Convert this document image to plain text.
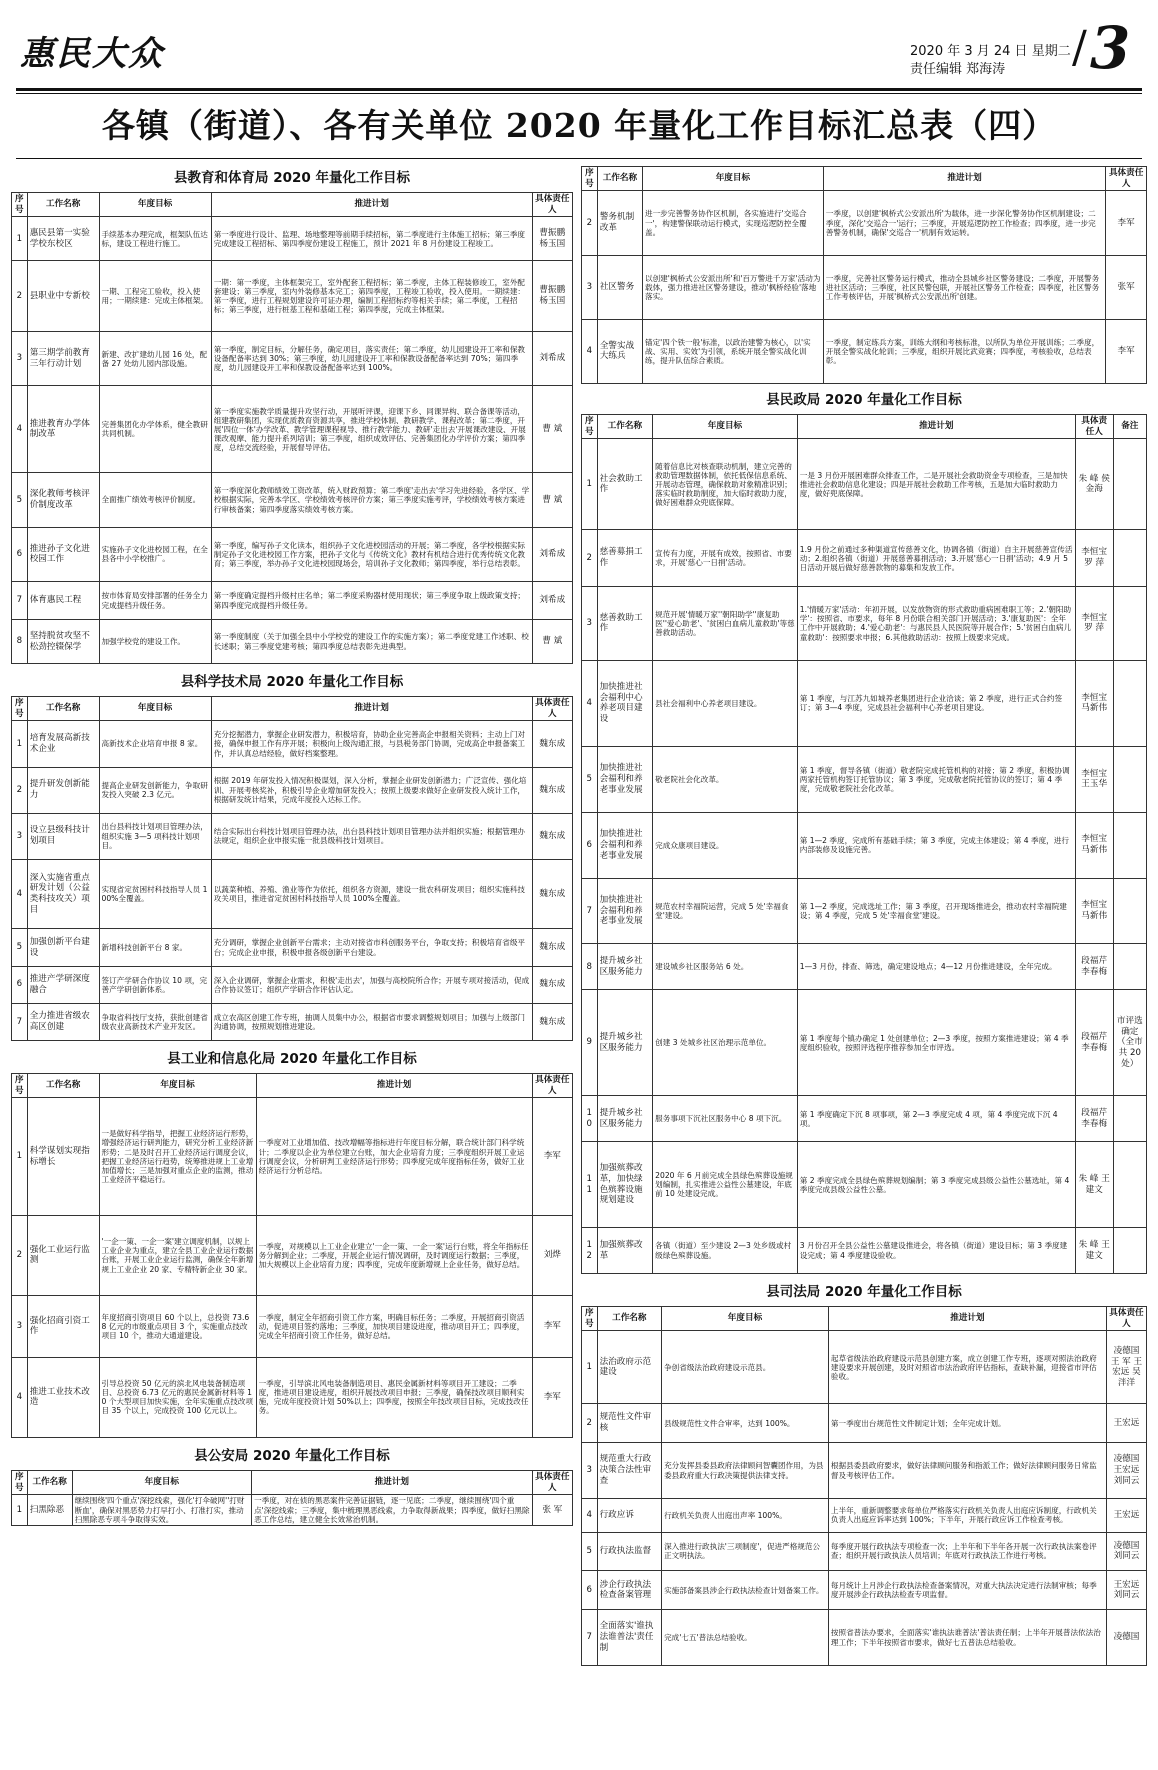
惠民大众	2020 年 3 月 24 日 星期二
责任编辑 郑海涛 / 3
各镇（街道）、各有关单位 2020 年量化工作目标汇总表（四）
县教育和体育局 2020 年量化工作目标
序号	工作名称	年度目标	推进计划	具体责任人
1	惠民县第一实验学校东校区	手续基本办理完成，框架队伍达标，建设工程进行施工。	第一季度进行设计、监理、场地整理等前期手续招标，第二季度进行主体施工招标；第三季度完成建设工程招标、第四季度份建设工程施工，预计 2021 年 8 月份建设工程竣工。	曹振鹏 杨玉国
2	县职业中专新校	一期、工程完工验收，投入使用；一期续建：完成主体框架。	一期：第一季度，主体框架完工，室外配套工程招标；第二季度，主体工程装修竣工，室外配套建设；第三季度，室内外装修基本完工；第四季度，工程竣工验收，投入使用。一期续建：第一季度，进行工程规划建设许可证办理，编制工程招标约等相关手续；第二季度，工程招标；第三季度，进行桩基工程和基础工程；第四季度，完成主体框架。	曹振鹏 杨玉国
3	第三期学前教育三年行动计划	新建、改扩建幼儿园 16 处，配备 27 处幼儿园内部设施。	第一季度，制定目标，分解任务，确定项目，落实责任；第二季度，幼儿园建设开工率和保教设备配备率达到 30%；第三季度，幼儿园建设开工率和保教设备配备率达到 70%；第四季度，幼儿园建设开工率和保教设备配备率达到 100%。	刘希成
4	推进教育办学体制改革	完善集团化办学体系，健全教研共同机制。	第一季度实施教学质量提升攻坚行动，开展听评课，迎课下乡、同课异构、联合备课等活动，组建教研集团，实现优质教育资源共享，推进学校体制、教研教学、课程改革；第二季度，开展'四位一体'办学改革、教学管理课程视导、推行教学能力、教研'走出去'开展课改建设、开展课改观摩、能力提升系列培训；第三季度，组织成效评估、完善集团化办学评价方案；第四季度，总结交流经验，开展督导评估。	曹 斌
5	深化教师考核评价制度改革	全面推广绩效考核评价制度。	第一季度深化教师绩效工资改革，统入财政预算；第二季度'走出去'学习先进经验，各学区、学校根据实际，完善本学区、学校绩效考核评价方案；第三季度实施考评，学校绩效考核方案进行审核备案；第四季度落实绩效考核方案。	曹 斌
6	推进孙子文化进校园工作	实施孙子文化进校园工程，在全县各中小学校推广。	第一季度，编写孙子文化读本，组织孙子文化进校园活动的开展；第二季度，各学校根据实际制定孙子文化进校园工作方案，把孙子文化与《传统文化》教材有机结合进行优秀传统文化教育；第三季度，举办孙子文化进校园现场会，培训孙子文化教师；第四季度，举行总结表彰。	刘希成
7	体育惠民工程	按市体育局安排部署的任务全力完成提档升级任务。	第一季度确定提档升级村庄名单；第二季度采购器材使用现状；第三季度争取上级政策支持；第四季度完成提档升级任务。	刘希成
8	坚持脱贫攻坚不松劲控辍保学	加强学校党的建设工作。	第一季度制度（关于加强全县中小学校党的建设工作的实施方案）；第二季度党建工作述职、校长述职；第三季度党建考核；第四季度总结表彰先进典型。	曹 斌
县科学技术局 2020 年量化工作目标
序号	工作名称	年度目标	推进计划	具体责任人
1	培育发展高新技术企业	高新技术企业培育申报 8 家。	充分挖掘潜力，掌握企业研发潜力，积极培育，协助企业完善高企申报相关资料；主动上门对接，确保申报工作有序开展；积极向上级沟通汇报，与县税务部门协调，完成高企申报备案工作，并认真总结经验，做好档案整理。	魏东成
2	提升研发创新能力	提高企业研发创新能力，争取研发投入突破 2.3 亿元。	根据 2019 年研发投入情况积极谋划，深入分析，掌握企业研发创新潜力；广泛宣传、强化培训、开展考核奖补，积极引导企业增加研发投入；按照上级要求做好企业研发投入统计工作，根据研发统计结果，完成年度投入达标工作。	魏东成
3	设立县级科技计划项目	出台县科技计划项目管理办法，组织实施 3—5 项科技计划项目。	结合实际出台科技计划项目管理办法，出台县科技计划项目管理办法并组织实施；根据管理办法规定，组织企业申报实施一批县级科技计划项目。	魏东成
4	深入实施省重点研发计划（公益类科技攻关）项目	实现省定贫困村科技指导人员 100%全覆盖。	以蔬菜种植、养殖、渔业等作为依托，组织各方资源，建设一批农科研发项目；组织实施科技攻关项目，推进省定贫困村科技指导人员 100%全覆盖。	魏东成
5	加强创新平台建设	新增科技创新平台 8 家。	充分调研，掌握企业创新平台需求；主动对接省市科创服务平台，争取支持；积极培育省级平台；完成企业申报，积极申报各级创新平台建设。	魏东成
6	推进产学研深度融合	签订产学研合作协议 10 项，完善产学研创新体系。	深入企业调研，掌握企业需求，积极'走出去'，加强与高校院所合作；开展专项对接活动，促成合作协议签订；组织产学研合作评估认定。	魏东成
7	全力推进省级农高区创建	争取省科技厅支持，获批创建省级农业高新技术产业开发区。	成立农高区创建工作专班，抽调人员集中办公，根据省市要求调整规划项目；加强与上级部门沟通协调，按照规划推进建设。	魏东成
县工业和信息化局 2020 年量化工作目标
序号	工作名称	年度目标	推进计划	具体责任人
1	科学谋划实现指标增长	一是做好科学指导，把握工业经济运行形势，增强经济运行研判能力，研究分析工业经济新形势；二是及时召开工业经济运行调度会议，把握工业经济运行趋势，统筹推进规上工业增加值增长；三是加强对重点企业的监测，推动工业经济平稳运行。	一季度对工业增加值、技改增幅等指标进行年度目标分解，联合统计部门科学统计；二季度以企业为单位建立台账，加大企业培育力度；三季度组织开展工业运行调度会议，分析研判工业经济运行形势；四季度完成年度指标任务，做好工业经济运行分析总结。	李军
2	强化工业运行监测	'一企一策、一企一案'建立调度机制，以规上工业企业为重点，建立全县工业企业运行数据台账，开展工业企业运行监测，确保全年新增规上工业企业 20 家、专精特新企业 30 家。	一季度，对规模以上工业企业建立'一企一策、一企一案'运行台账，将全年指标任务分解到企业；二季度，开展企业运行情况调研，及时调度运行数据；三季度，加大规模以上企业培育力度；四季度，完成年度新增规上企业任务，做好总结。	刘烨
3	强化招商引资工作	年度招商引资项目 60 个以上，总投资 73.68 亿元的市级重点项目 3 个，实施重点技改项目 10 个，推动大通道建设。	一季度，制定全年招商引资工作方案，明确目标任务；二季度，开展招商引资活动，促进项目签约落地；三季度，加快项目建设进度，推动项目开工；四季度，完成全年招商引资工作任务，做好总结。	李军
4	推进工业技术改造	引导总投资 50 亿元的滨北风电装备制造项目、总投资 6.73 亿元的惠民金属新材料等 10 个大型项目加快实施，全年实施重点技改项目 35 个以上，完成投资 100 亿元以上。	一季度，引导滨北风电装备制造项目、惠民金属新材料等项目开工建设；二季度，推进项目建设进度，组织开展技改项目申报；三季度，确保技改项目顺利实施，完成年度投资计划 50%以上；四季度，按照全年技改项目目标，完成技改任务。	李军
县公安局 2020 年量化工作目标
序号	工作名称	年度目标	推进计划	具体责任人
1	扫黑除恶	继续围绕'四个重点'深挖线索，强化'打伞破网''打财断血'，确保对黑恶势力打早打小、打准打实，推动扫黑除恶专项斗争取得实效。	一季度，对在侦的黑恶案件完善证据链，逐一见底；二季度，继续围绕'四个重点'深挖线索；三季度，集中梳理黑恶线索，力争取得新战果；四季度，做好扫黑除恶工作总结，建立健全长效常治机制。	张 军
序号	工作名称	年度目标	推进计划	具体责任人
2	警务机制改革	进一步完善警务协作区机制，各实施进行'交巡合一'，构建警保联动运行模式，实现巡逻防控全覆盖。	一季度，以创建'枫桥式公安派出所'为载体，进一步深化警务协作区机制建设；二季度，深化'交巡合一'运行；三季度，开展巡逻防控工作检查；四季度，进一步完善警务机制，确保'交巡合一'机制有效运转。	李军
3	社区警务	以创建'枫桥式公安派出所'和'百万警进千万家'活动为载体，强力推进社区警务建设，推动'枫桥经验'落地落实。	一季度，完善社区警务运行模式，推动全县城乡社区警务建设；二季度，开展警务进社区活动；三季度，社区民警包联，开展社区警务工作检查；四季度，社区警务工作考核评估，开展'枫桥式公安派出所'创建。	张军
4	全警实战大练兵	锚定'四个铁一般'标准，以政治建警为核心，以'实战、实用、实效'为引领，系统开展全警实战化训练，提升队伍综合素质。	一季度，制定练兵方案，训练大纲和考核标准，以所队为单位开展训练；二季度，开展全警实战化轮训；三季度，组织开展比武竞赛；四季度，考核验收，总结表彰。	李军
县民政局 2020 年量化工作目标
序号	工作名称	年度目标	推进计划	具体责任人	备注
1	社会救助工作	随着信息比对核查联动机制，建立完善的救助管理数据体制，依托低保信息系统、开展动态管理，确保救助对象精准识别；落实临时救助制度，加大临时救助力度，做好困难群众兜底保障。	一是 3 月份开展困难群众排查工作，二是开展社会救助资金专项检查，三是加快推进社会救助信息化建设；四是开展社会救助工作考核，五是加大临时救助力度，做好兜底保障。	朱 峰 侯金海	
2	慈善募捐工作	宣传有力度，开展有成效，按照省、市要求，开展'慈心一日捐'活动。	1.9 月份之前通过多种渠道宣传慈善文化，协调各镇（街道）自主开展慈善宣传活动；2.组织各镇（街道）开展慈善募捐活动；3.开展'慈心一日捐'活动；4.9 月 5 日活动开展后做好慈善款物的募集和发放工作。	李恒宝 罗 萍	
3	慈善救助工作	规范开展'情暖万家''朝阳助学''康复助医''爱心助老'、'贫困白血病儿童救助'等慈善救助活动。	1.'情暖万家'活动：年初开展，以发放物资的形式救助重病困难职工等；2.'朝阳助学'：按照省、市要求，每年 8 月份联合相关部门开展活动；3.'康复助医'：全年工作中开展救助；4.'爱心助老'：与惠民县人民医院等开展合作；5.'贫困白血病儿童救助'：按照要求申报；6.其他救助活动：按照上级要求完成。	李恒宝 罗 萍	
4	加快推进社会福利中心养老项目建设	县社会福利中心养老项目建设。	第 1 季度，与江苏九如城养老集团进行企业洽谈；第 2 季度，进行正式合约签订；第 3—4 季度，完成县社会福利中心养老项目建设。	李恒宝 马新伟	
5	加快推进社会福利和养老事业发展	敬老院社会化改革。	第 1 季度，督导各镇（街道）敬老院完成托管机构的对接；第 2 季度，积极协调两家托管机构签订托管协议；第 3 季度，完成敬老院托管协议的签订；第 4 季度，完成敬老院社会化改革。	李恒宝 王玉华	
6	加快推进社会福利和养老事业发展	完成众康项目建设。	第 1—2 季度，完成所有基础手续；第 3 季度，完成主体建设；第 4 季度，进行内部装修及设施完善。	李恒宝 马新伟	
7	加快推进社会福利和养老事业发展	规范农村幸福院运营，完成 5 处'幸福食堂'建设。	第 1—2 季度，完成选址工作；第 3 季度，召开现场推进会，推动农村幸福院建设；第 4 季度，完成 5 处'幸福食堂'建设。	李恒宝 马新伟	
8	提升城乡社区服务能力	建设城乡社区服务站 6 处。	1—3 月份，排查、筛选，确定建设地点；4—12 月份推进建设，全年完成。	段福芹 李春梅	
9	提升城乡社区服务能力	创建 3 处城乡社区治理示范单位。	第 1 季度每个镇办确定 1 处创建单位；2—3 季度，按照方案推进建设；第 4 季度组织验收，按照评选程序推荐参加全市评选。	段福芹 李春梅	市评选确定（全市共 20 处）
10	提升城乡社区服务能力	服务事项下沉社区服务中心 8 项下沉。	第 1 季度确定下沉 8 项事项，第 2—3 季度完成 4 项，第 4 季度完成下沉 4 项。	段福芹 李春梅	
11	加强殡葬改革，加快绿色殡葬设施规划建设	2020 年 6 月前完成全县绿色殡葬设施规划编制，扎实推进公益性公墓建设，年底前 10 处建设完成。	第 2 季度完成全县绿色殡葬规划编制；第 3 季度完成县级公益性公墓选址，第 4 季度完成县级公益性公墓。	朱 峰 王建文	
12	加强殡葬改革	各镇（街道）至少建设 2—3 处乡级或村级绿色殡葬设施。	3 月份召开全县公益性公墓建设推进会，将各镇（街道）建设目标；第 3 季度建设完成；第 4 季度建设验收。	朱 峰 王建文	
县司法局 2020 年量化工作目标
序号	工作名称	年度目标	推进计划	具体责任人
1	法治政府示范建设	争创省级法治政府建设示范县。	起草省级法治政府建设示范县创建方案，成立创建工作专班，逐项对照法治政府建设要求开展创建，及时对照省市法治政府评估指标，查缺补漏，迎接省市评估验收。	凌德国 王 军 王宏远 吴泮洋
2	规范性文件审核	县级规范性文件合审率，达到 100%。	第一季度出台规范性文件制定计划；全年完成计划。	王宏远
3	规范重大行政决策合法性审查	充分发挥县委县政府法律顾问智囊团作用，为县委县政府重大行政决策提供法律支持。	根据县委县政府要求，做好法律顾问服务和指派工作；做好法律顾问服务日常监督及考核评估工作。	凌德国 王宏远 刘同云
4	行政应诉	行政机关负责人出庭出声率 100%。	上半年，重新调整要求每单位严格落实行政机关负责人出庭应诉制度，行政机关负责人出庭应诉率达到 100%；下半年，开展行政应诉工作检查考核。	王宏远
5	行政执法监督	深入推进行政执法'三项制度'，促进严格规范公正文明执法。	每季度开展行政执法专项检查一次；上半年和下半年各开展一次行政执法案卷评查；组织开展行政执法人员培训；年底对行政执法工作进行考核。	凌德国 刘同云
6	涉企行政执法检查备案管理	实施部备案县涉企行政执法检查计划备案工作。	每月统计上月涉企行政执法检查备案情况，对重大执法决定进行法制审核；每季度开展涉企行政执法检查专项监督。	王宏远 刘同云
7	全面落实'谁执法谁普法'责任制	完成'七五'普法总结验收。	按照省普法办要求，全面落实'谁执法谁普法'普法责任制；上半年开展普法依法治理工作；下半年按照省市要求，做好七五普法总结验收。	凌德国
